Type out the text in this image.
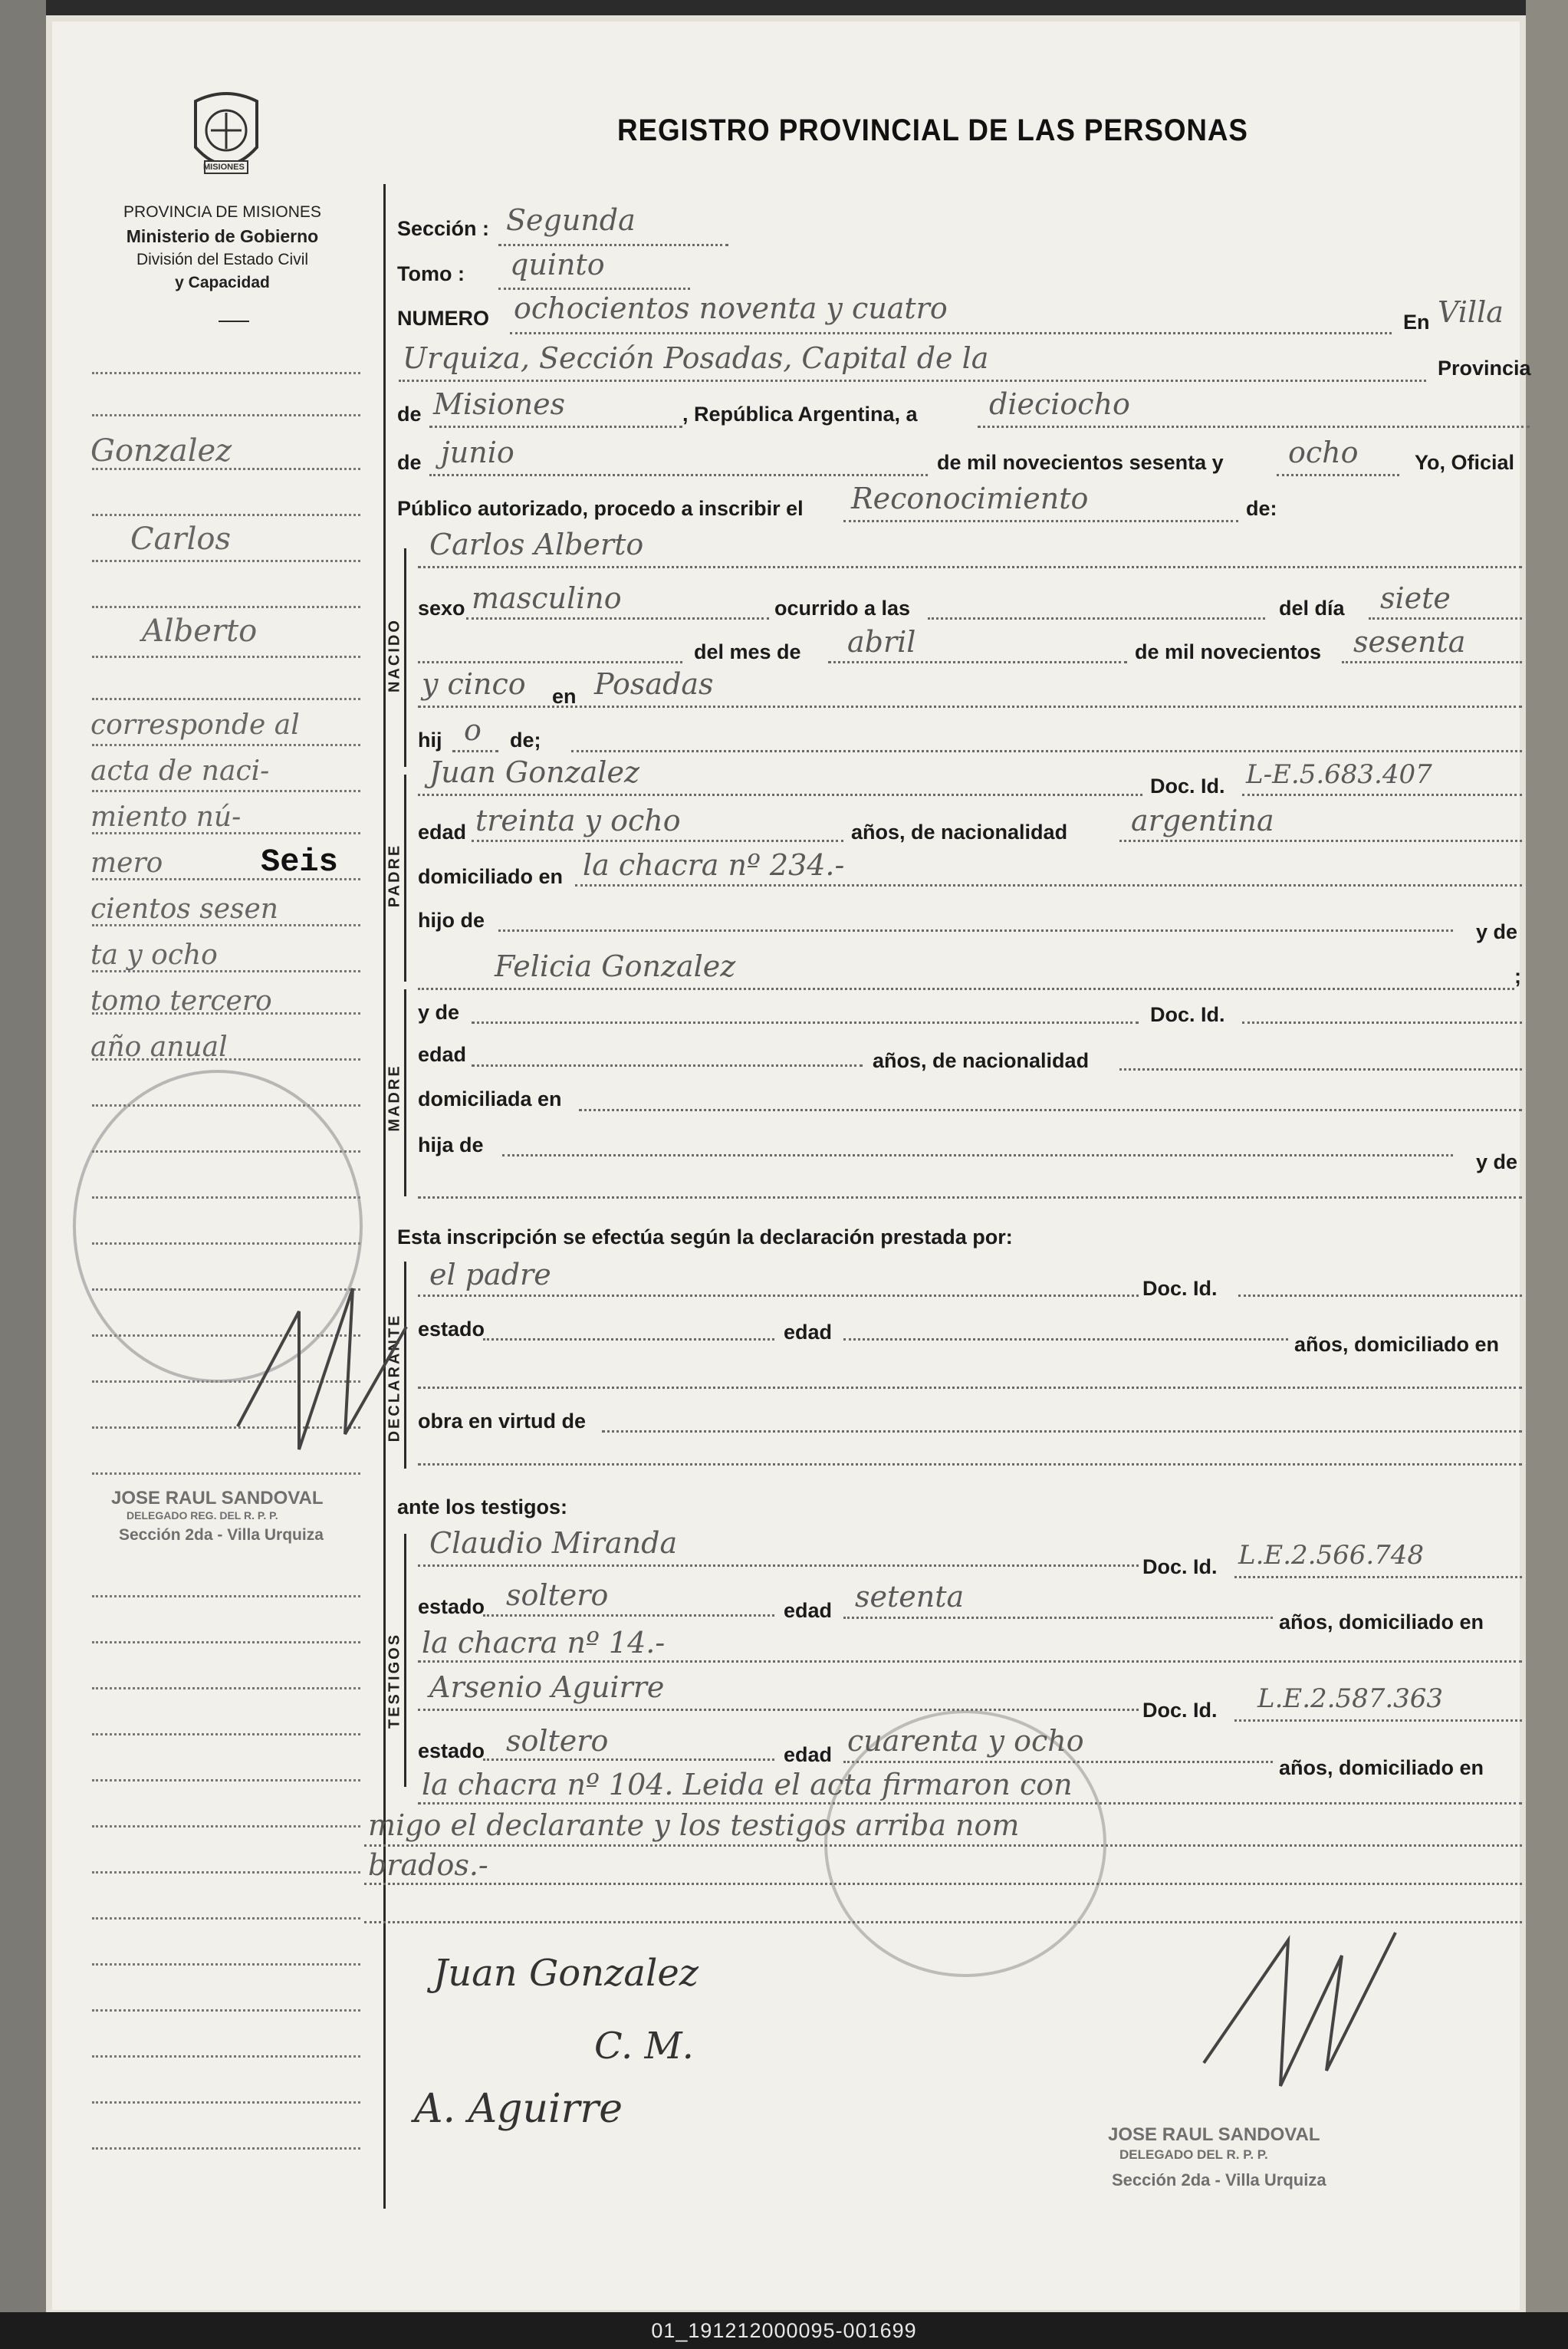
MISIONES
PROVINCIA DE MISIONES
Ministerio de Gobierno
División del Estado Civil
y Capacidad
REGISTRO PROVINCIAL DE LAS PERSONAS
NACIDO
PADRE
MADRE
DECLARANTE
TESTIGOS
Gonzalez
Carlos
Alberto
corresponde al
acta de naci-
miento nú-
mero	Seis
cientos sesen
ta y ocho
tomo tercero
año anual
JOSE RAUL SANDOVAL
DELEGADO REG. DEL R. P. P.
Sección 2da - Villa Urquiza
Sección : Segunda
Tomo : quinto
NUMERO ochocientos noventa y cuatro	En Villa
Urquiza, Sección Posadas, Capital de la	Provincia
de Misiones	, República Argentina, a dieciocho
de junio	de mil novecientos sesenta y ocho	Yo, Oficial
Público autorizado, procedo a inscribir el Reconocimiento	de:
Carlos Alberto
sexo masculino	ocurrido a las	del día siete
del mes de abril	de mil novecientos sesenta
y cinco en Posadas
hij o de;
Juan Gonzalez	Doc. Id. L-E.5.683.407
edad treinta y ocho	años, de nacionalidad argentina
domiciliado en la chacra nº 234.-
hijo de	y de
Felicia Gonzalez	;
y de	Doc. Id.
edad	años, de nacionalidad
domiciliada en
hija de
y de
Esta inscripción se efectúa según la declaración prestada por:
el padre	Doc. Id.
estado	edad
años, domiciliado en
obra en virtud de
ante los testigos:
Claudio Miranda
Doc. Id. L.E.2.566.748
estado soltero	edad setenta
años, domiciliado en
la chacra nº 14.-
Arsenio Aguirre
Doc. Id. L.E.2.587.363
estado soltero	edad cuarenta y ocho
años, domiciliado en
la chacra nº 104. Leida el acta firmaron con
migo el declarante y los testigos arriba nom
brados.-
Juan Gonzalez
C. M.
A. Aguirre
JOSE RAUL SANDOVAL
DELEGADO DEL R. P. P.
Sección 2da - Villa Urquiza
01_191212000095-001699
